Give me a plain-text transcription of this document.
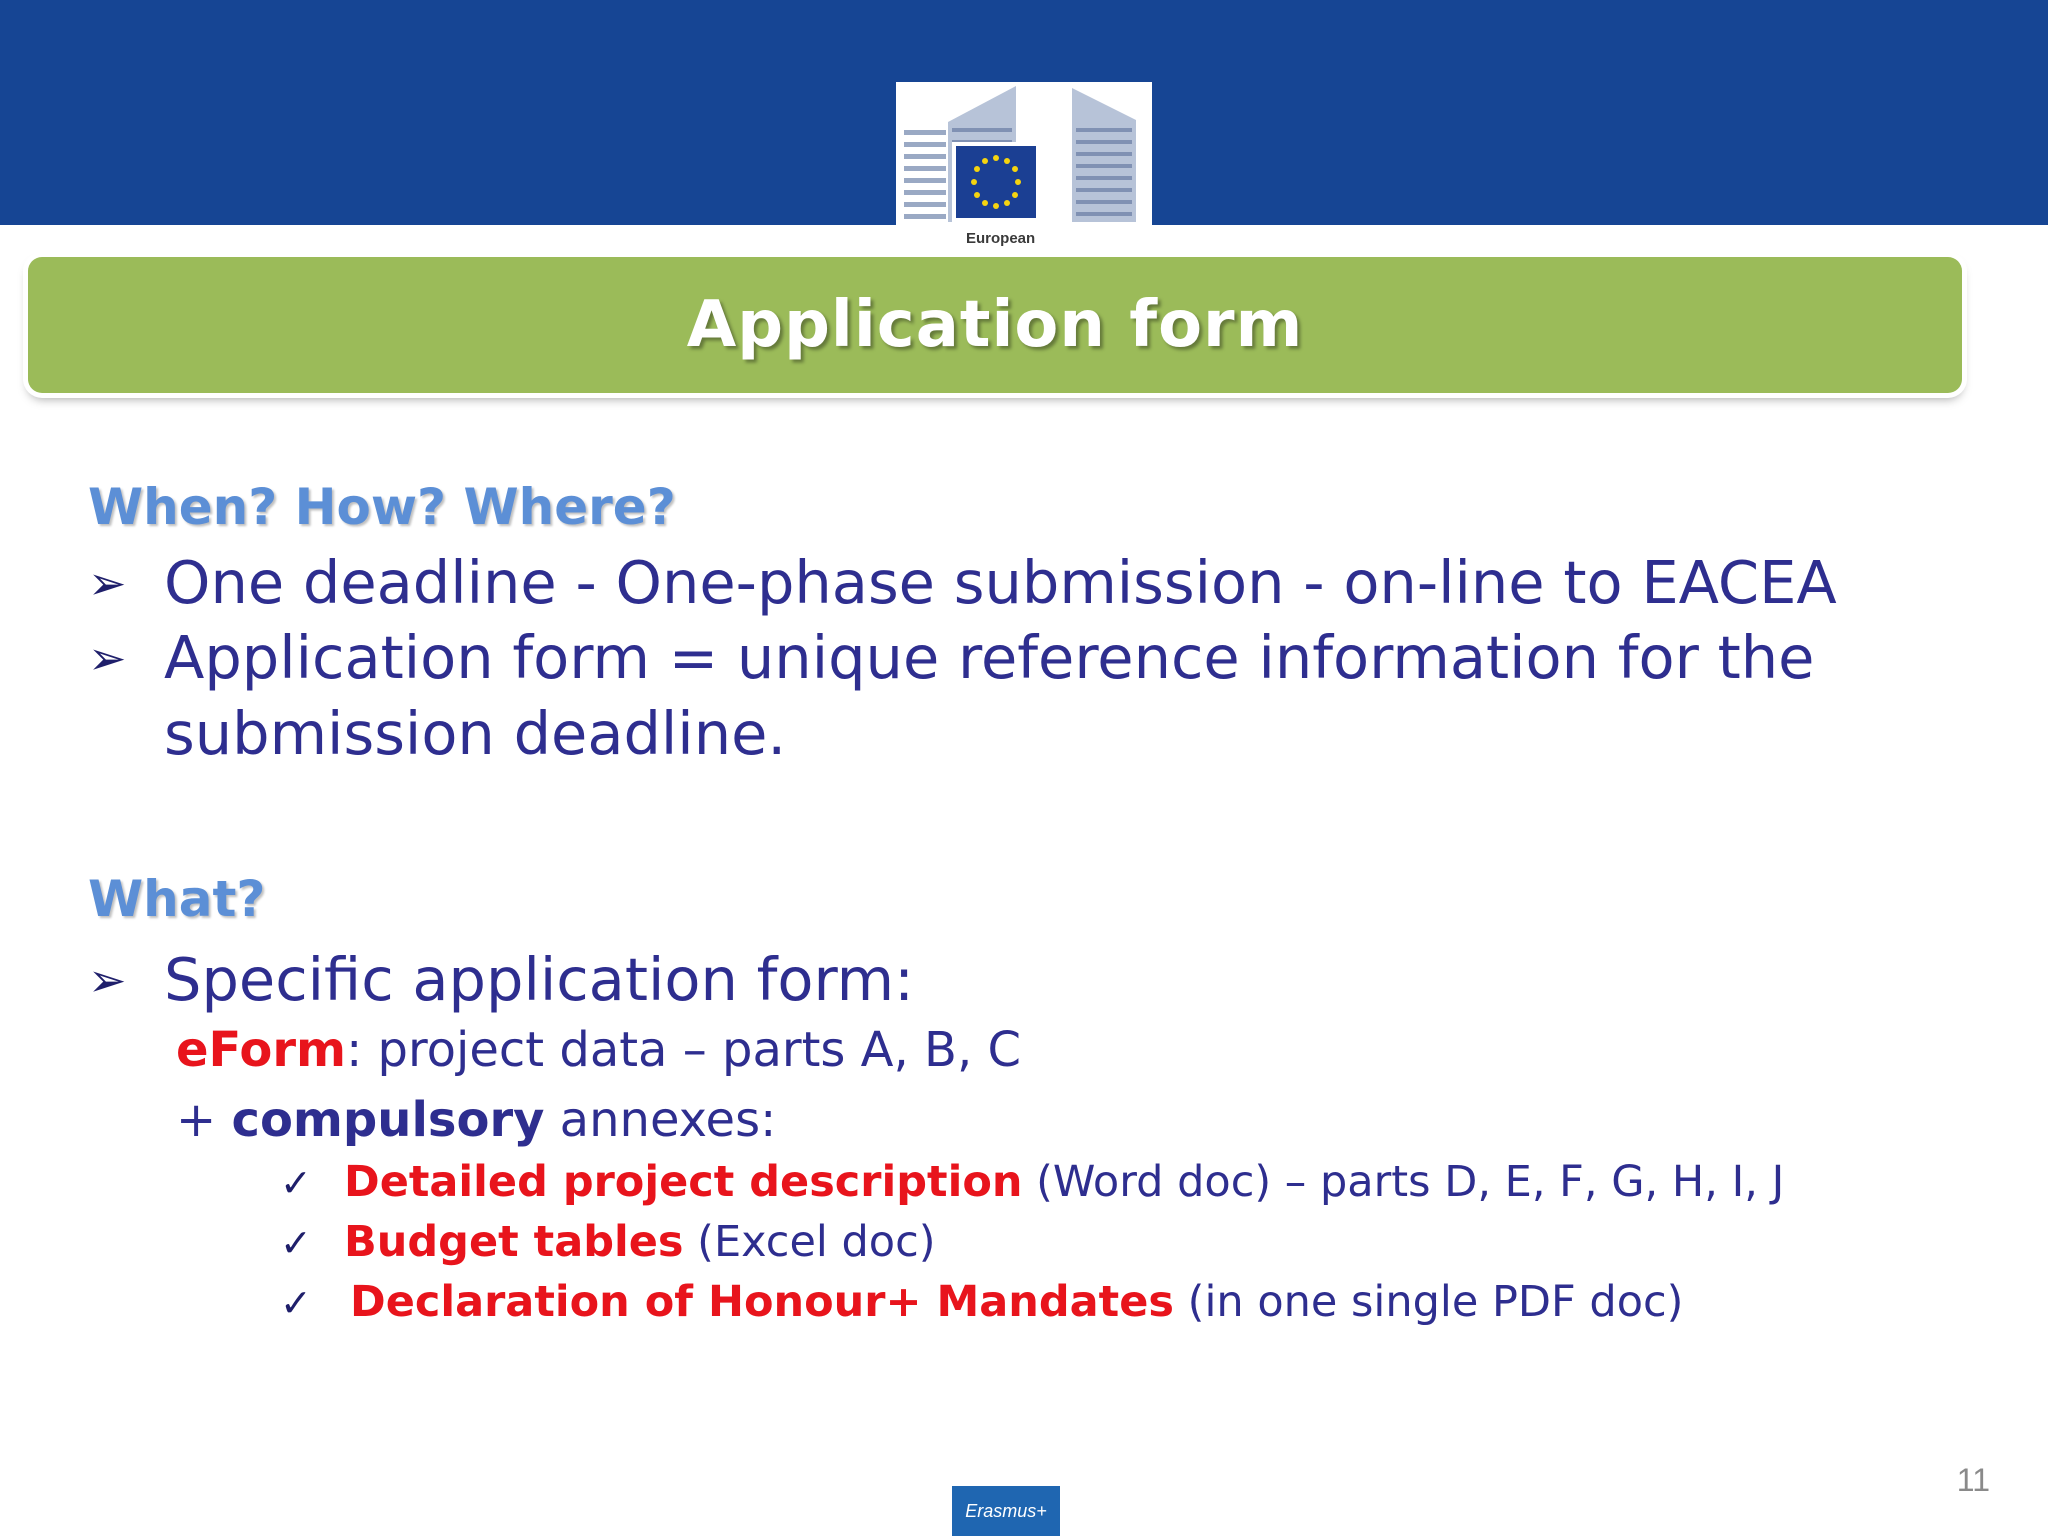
European
Application form
When? How? Where?
➢ One deadline - One-phase submission - on-line to EACEA
➢ Application form = unique reference information for the submission deadline.
What?
➢ Specific application form:
eForm: project data – parts A, B, C
+ compulsory annexes:
✓ Detailed project description (Word doc) – parts D, E, F, G, H, I, J
✓ Budget tables (Excel doc)
✓ Declaration of Honour+ Mandates (in one single PDF doc)
11
Erasmus+
